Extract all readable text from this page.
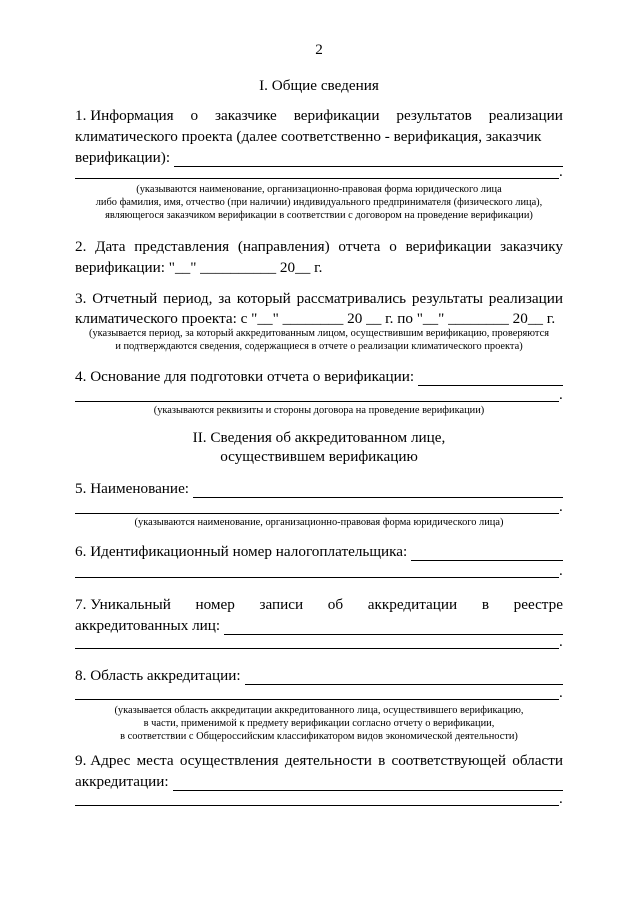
2
I. Общие сведения
1. Информация о заказчике верификации результатов реализации
климатического проекта (далее соответственно - верификация, заказчик
верификации):
.
(указываются наименование, организационно-правовая форма юридического лица
либо фамилия, имя, отчество (при наличии) индивидуального предпринимателя (физического лица),
являющегося заказчиком верификации в соответствии с договором на проведение верификации)
2. Дата представления (направления) отчета о верификации заказчику
верификации: "__" __________ 20__ г.
3. Отчетный период, за который рассматривались результаты реализации
климатического проекта: с "__" ________ 20 __ г. по "__" ________ 20__ г.
(указывается период, за который аккредитованным лицом, осуществившим верификацию, проверяются
и подтверждаются сведения, содержащиеся в отчете о реализации климатического проекта)
4. Основание для подготовки отчета о верификации:
.
(указываются реквизиты и стороны договора на проведение верификации)
II. Сведения об аккредитованном лице,
осуществившем верификацию
5. Наименование:
.
(указываются наименование, организационно-правовая форма юридического лица)
6. Идентификационный номер налогоплательщика:
.
7. Уникальный номер записи об аккредитации в реестре
аккредитованных лиц:
.
8. Область аккредитации:
.
(указывается область аккредитации аккредитованного лица, осуществившего верификацию,
в части, применимой к предмету верификации согласно отчету о верификации,
в соответствии с Общероссийским классификатором видов экономической деятельности)
9. Адрес места осуществления деятельности в соответствующей области
аккредитации:
.
